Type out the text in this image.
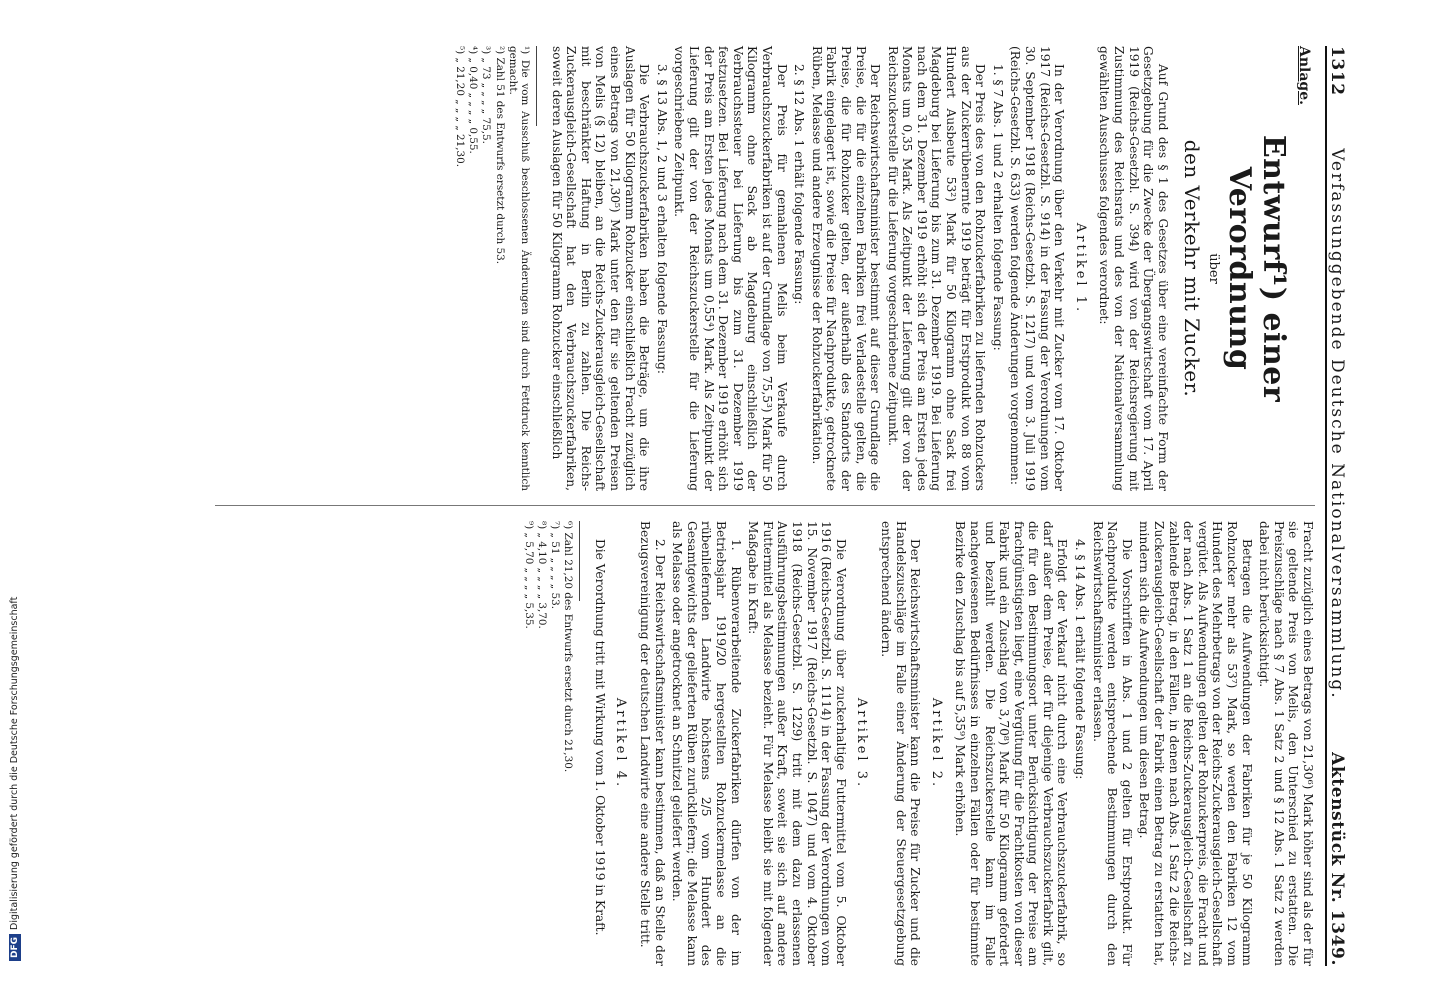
DFGDigitalisierung gefördert durch die Deutsche Forschungsgemeinschaft
1312
Verfassunggebende Deutsche Nationalversammlung.
Aktenstück Nr. 1349.
Anlage.
Entwurf¹) einer Verordnung
über
den Verkehr mit Zucker.

Auf Grund des § 1 des Gesetzes über eine vereinfachte Form der Gesetzgebung für die Zwecke der Übergangswirtschaft vom 17. April 1919 (Reichs-Gesetzbl. S. 394) wird von der Reichsregierung mit Zustimmung des Reichsrats und des von der Nationalversammlung gewählten Ausschusses folgendes verordnet:

Artikel 1.

In der Verordnung über den Verkehr mit Zucker vom 17. Oktober 1917 (Reichs-Gesetzbl. S. 914) in der Fassung der Verordnungen vom 30. September 1918 (Reichs-Gesetzbl. S. 1217) und vom 3. Juli 1919 (Reichs-Gesetzbl. S. 633) werden folgende Änderungen vorgenommen:

1. § 7 Abs. 1 und 2 erhalten folgende Fassung:

Der Preis des von den Rohzuckerfabriken zu liefernden Rohzuckers aus der Zuckerrübenernte 1919 beträgt für Erstprodukt von 88 vom Hundert Ausbeute 53²) Mark für 50 Kilogramm ohne Sack frei Magdeburg bei Lieferung bis zum 31. Dezember 1919. Bei Lieferung nach dem 31. Dezember 1919 erhöht sich der Preis am Ersten jedes Monats um 0,35 Mark. Als Zeitpunkt der Lieferung gilt der von der Reichszuckerstelle für die Lieferung vorgeschriebene Zeitpunkt.

Der Reichswirtschaftsminister bestimmt auf dieser Grundlage die Preise, die für die einzelnen Fabriken frei Verladestelle gelten, die Preise, die für Rohzucker gelten, der außerhalb des Standorts der Fabrik eingelagert ist, sowie die Preise für Nachprodukte, getrocknete Rüben, Melasse und andere Erzeugnisse der Rohzuckerfabrikation.

2. § 12 Abs. 1 erhält folgende Fassung:

Der Preis für gemahlenen Melis beim Verkaufe durch Verbrauchszuckerfabriken ist auf der Grundlage von 75,5³) Mark für 50 Kilogramm ohne Sack ab Magdeburg einschließlich der Verbrauchssteuer bei Lieferung bis zum 31. Dezember 1919 festzusetzen. Bei Lieferung nach dem 31. Dezember 1919 erhöht sich der Preis am Ersten jedes Monats um 0,55⁴) Mark. Als Zeitpunkt der Lieferung gilt der von der Reichszuckerstelle für die Lieferung vorgeschriebene Zeitpunkt.

3. § 13 Abs. 1, 2 und 3 erhalten folgende Fassung:

Die Verbrauchszuckerfabriken haben die Beträge, um die ihre Auslagen für 50 Kilogramm Rohzucker einschließlich Fracht zuzüglich eines Betrags von 21,30⁵) Mark unter den für sie geltenden Preisen von Melis (§ 12) bleiben, an die Reichs-Zuckerausgleich-Gesellschaft mit beschränkter Haftung in Berlin zu zahlen. Die Reichs-Zuckerausgleich-Gesellschaft hat den Verbrauchszuckerfabriken, soweit deren Auslagen für 50 Kilogramm Rohzucker einschließlich

¹) Die vom Ausschuß beschlossenen Änderungen sind durch Fettdruck kenntlich gemacht.
²) Zahl 51 des Entwurfs ersetzt durch 53.
³) „ 73 „ „ „ „ 75,5.
⁴) „ 0,40 „ „ „ „ 0,55.
⁵) „ 21,20 „ „ „ „ 21,30.

Fracht zuzüglich eines Betrags von 21,30⁶) Mark höher sind als der für sie geltende Preis von Melis, den Unterschied zu erstatten. Die Preiszuschläge nach § 7 Abs. 1 Satz 2 und § 12 Abs. 1 Satz 2 werden dabei nicht berücksichtigt.

Betragen die Aufwendungen der Fabriken für je 50 Kilogramm Rohzucker mehr als 53⁷) Mark, so werden den Fabriken 12 vom Hundert des Mehrbetrags von der Reichs-Zuckerausgleich-Gesellschaft vergütet. Als Aufwendungen gelten der Rohzuckerpreis, die Fracht und der nach Abs. 1 Satz 1 an die Reichs-Zuckerausgleich-Gesellschaft zu zahlende Betrag, in den Fällen, in denen nach Abs. 1 Satz 2 die Reichs-Zuckerausgleich-Gesellschaft der Fabrik einen Betrag zu erstatten hat, mindern sich die Aufwendungen um diesen Betrag.

Die Vorschriften in Abs. 1 und 2 gelten für Erstprodukt. Für Nachprodukte werden entsprechende Bestimmungen durch den Reichswirtschaftsminister erlassen.

4. § 14 Abs. 1 erhält folgende Fassung:

Erfolgt der Verkauf nicht durch eine Verbrauchszuckerfabrik, so darf außer dem Preise, der für diejenige Verbrauchszuckerfabrik gilt, die für den Bestimmungsort unter Berücksichtigung der Preise am frachtgünstigsten liegt, eine Vergütung für die Frachtkosten von dieser Fabrik und ein Zuschlag von 3,70⁸) Mark für 50 Kilogramm gefordert und bezahlt werden. Die Reichszuckerstelle kann im Falle nachgewiesenen Bedürfnisses in einzelnen Fällen oder für bestimmte Bezirke den Zuschlag bis auf 5,35⁹) Mark erhöhen.

Artikel 2.

Der Reichswirtschaftsminister kann die Preise für Zucker und die Handelszuschläge im Falle einer Änderung der Steuergesetzgebung entsprechend ändern.

Artikel 3.

Die Verordnung über zuckerhaltige Futtermittel vom 5. Oktober 1916 (Reichs-Gesetzbl. S. 1114) in der Fassung der Verordnungen vom 15. November 1917 (Reichs-Gesetzbl. S. 1047) und vom 4. Oktober 1918 (Reichs-Gesetzbl. S. 1229) tritt mit dem dazu erlassenen Ausführungsbestimmungen außer Kraft, soweit sie sich auf andere Futtermittel als Melasse bezieht. Für Melasse bleibt sie mit folgender Maßgabe in Kraft:

1. Rübenverarbeitende Zuckerfabriken dürfen von der im Betriebsjahr 1919/20 hergestellten Rohzuckermelasse an die rübenliefernden Landwirte höchstens 2/5 vom Hundert des Gesamtgewichts der gelieferten Rüben zurückliefern; die Melasse kann als Melasse oder angetrocknet an Schnitzel geliefert werden.

2. Der Reichswirtschaftsminister kann bestimmen, daß an Stelle der Bezugsvereinigung der deutschen Landwirte eine andere Stelle tritt.

Artikel 4.

Die Verordnung tritt mit Wirkung vom 1. Oktober 1919 in Kraft.

⁶) Zahl 21,20 des Entwurfs ersetzt durch 21,30.
⁷) „ 51 „ „ „ „ 53.
⁸) „ 4,10 „ „ „ „ 3,70.
⁹) „ 5,70 „ „ „ „ 5,35.
